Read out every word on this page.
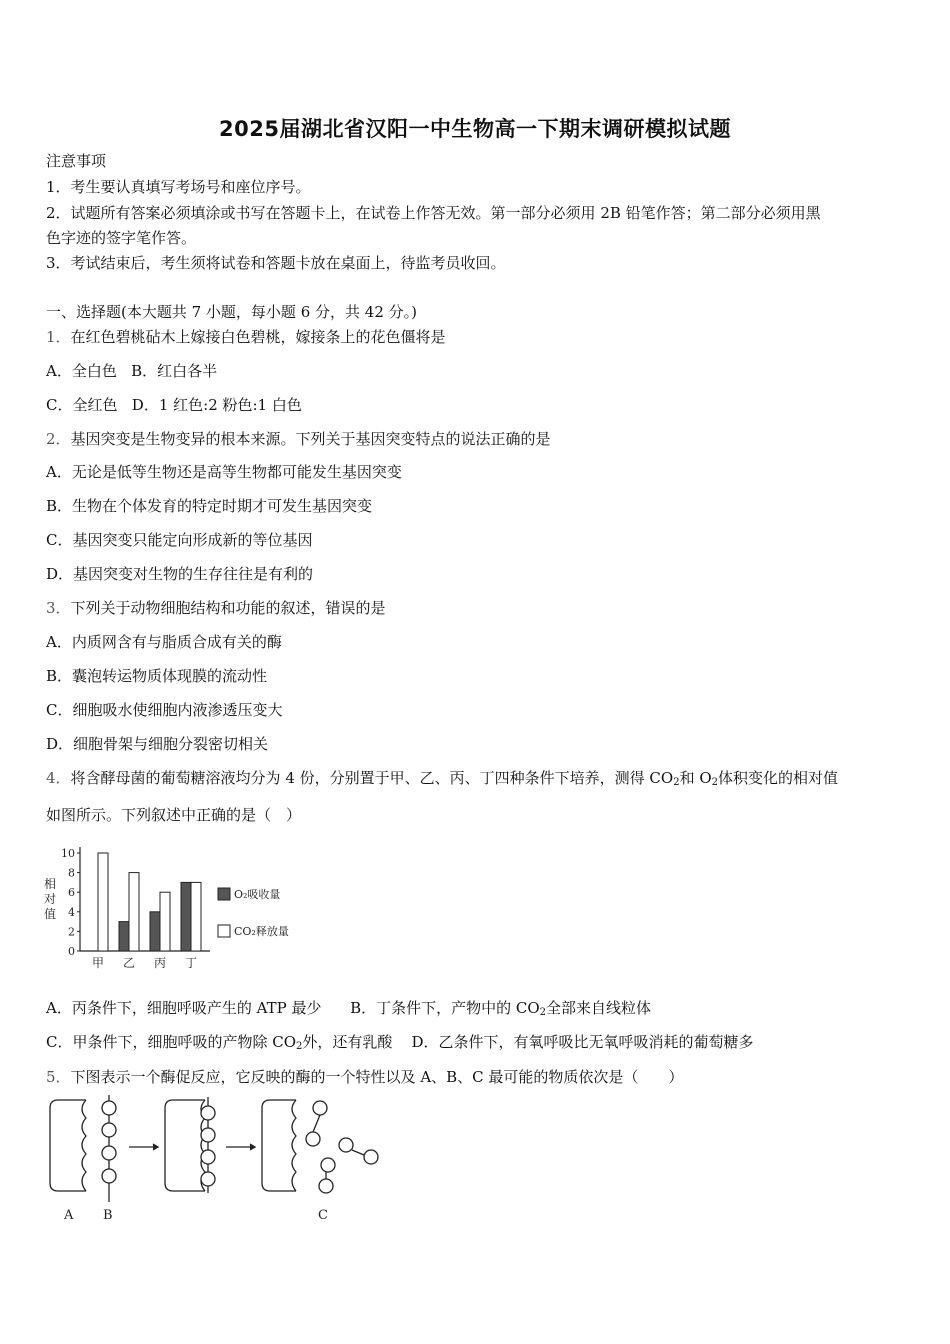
2025届湖北省汉阳一中生物高一下期末调研模拟试题
注意事项
1．考生要认真填写考场号和座位序号。
2．试题所有答案必须填涂或书写在答题卡上，在试卷上作答无效。第一部分必须用 2B 铅笔作答；第二部分必须用黑
色字迹的签字笔作答。
3．考试结束后，考生须将试卷和答题卡放在桌面上，待监考员收回。
一、选择题(本大题共 7 小题，每小题 6 分，共 42 分。)
1．在红色碧桃砧木上嫁接白色碧桃，嫁接条上的花色僵将是
A．全白色 B．红白各半
C．全红色 D．1 红色:2 粉色:1 白色
2．基因突变是生物变异的根本来源。下列关于基因突变特点的说法正确的是
A．无论是低等生物还是高等生物都可能发生基因突变
B．生物在个体发育的特定时期才可发生基因突变
C．基因突变只能定向形成新的等位基因
D．基因突变对生物的生存往往是有利的
3．下列关于动物细胞结构和功能的叙述，错误的是
A．内质网含有与脂质合成有关的酶
B．囊泡转运物质体现膜的流动性
C．细胞吸水使细胞内液渗透压变大
D．细胞骨架与细胞分裂密切相关
4．将含酵母菌的葡萄糖溶液均分为 4 份，分别置于甲、乙、丙、丁四种条件下培养，测得 $CO_2$和 $O_2$体积变化的相对值
如图所示。下列叙述中正确的是（　）
0
2
4
6
8
10
相
对
值
甲 乙 丙 丁
O₂吸收量
CO₂释放量
A．丙条件下，细胞呼吸产生的 ATP 最少 B．丁条件下，产物中的 $CO_2$全部来自线粒体
C．甲条件下，细胞呼吸的产物除 $CO_2$外，还有乳酸 D．乙条件下，有氧呼吸比无氧呼吸消耗的葡萄糖多
5．下图表示一个酶促反应，它反映的酶的一个特性以及 A、B、C 最可能的物质依次是（　　）
A B	C
